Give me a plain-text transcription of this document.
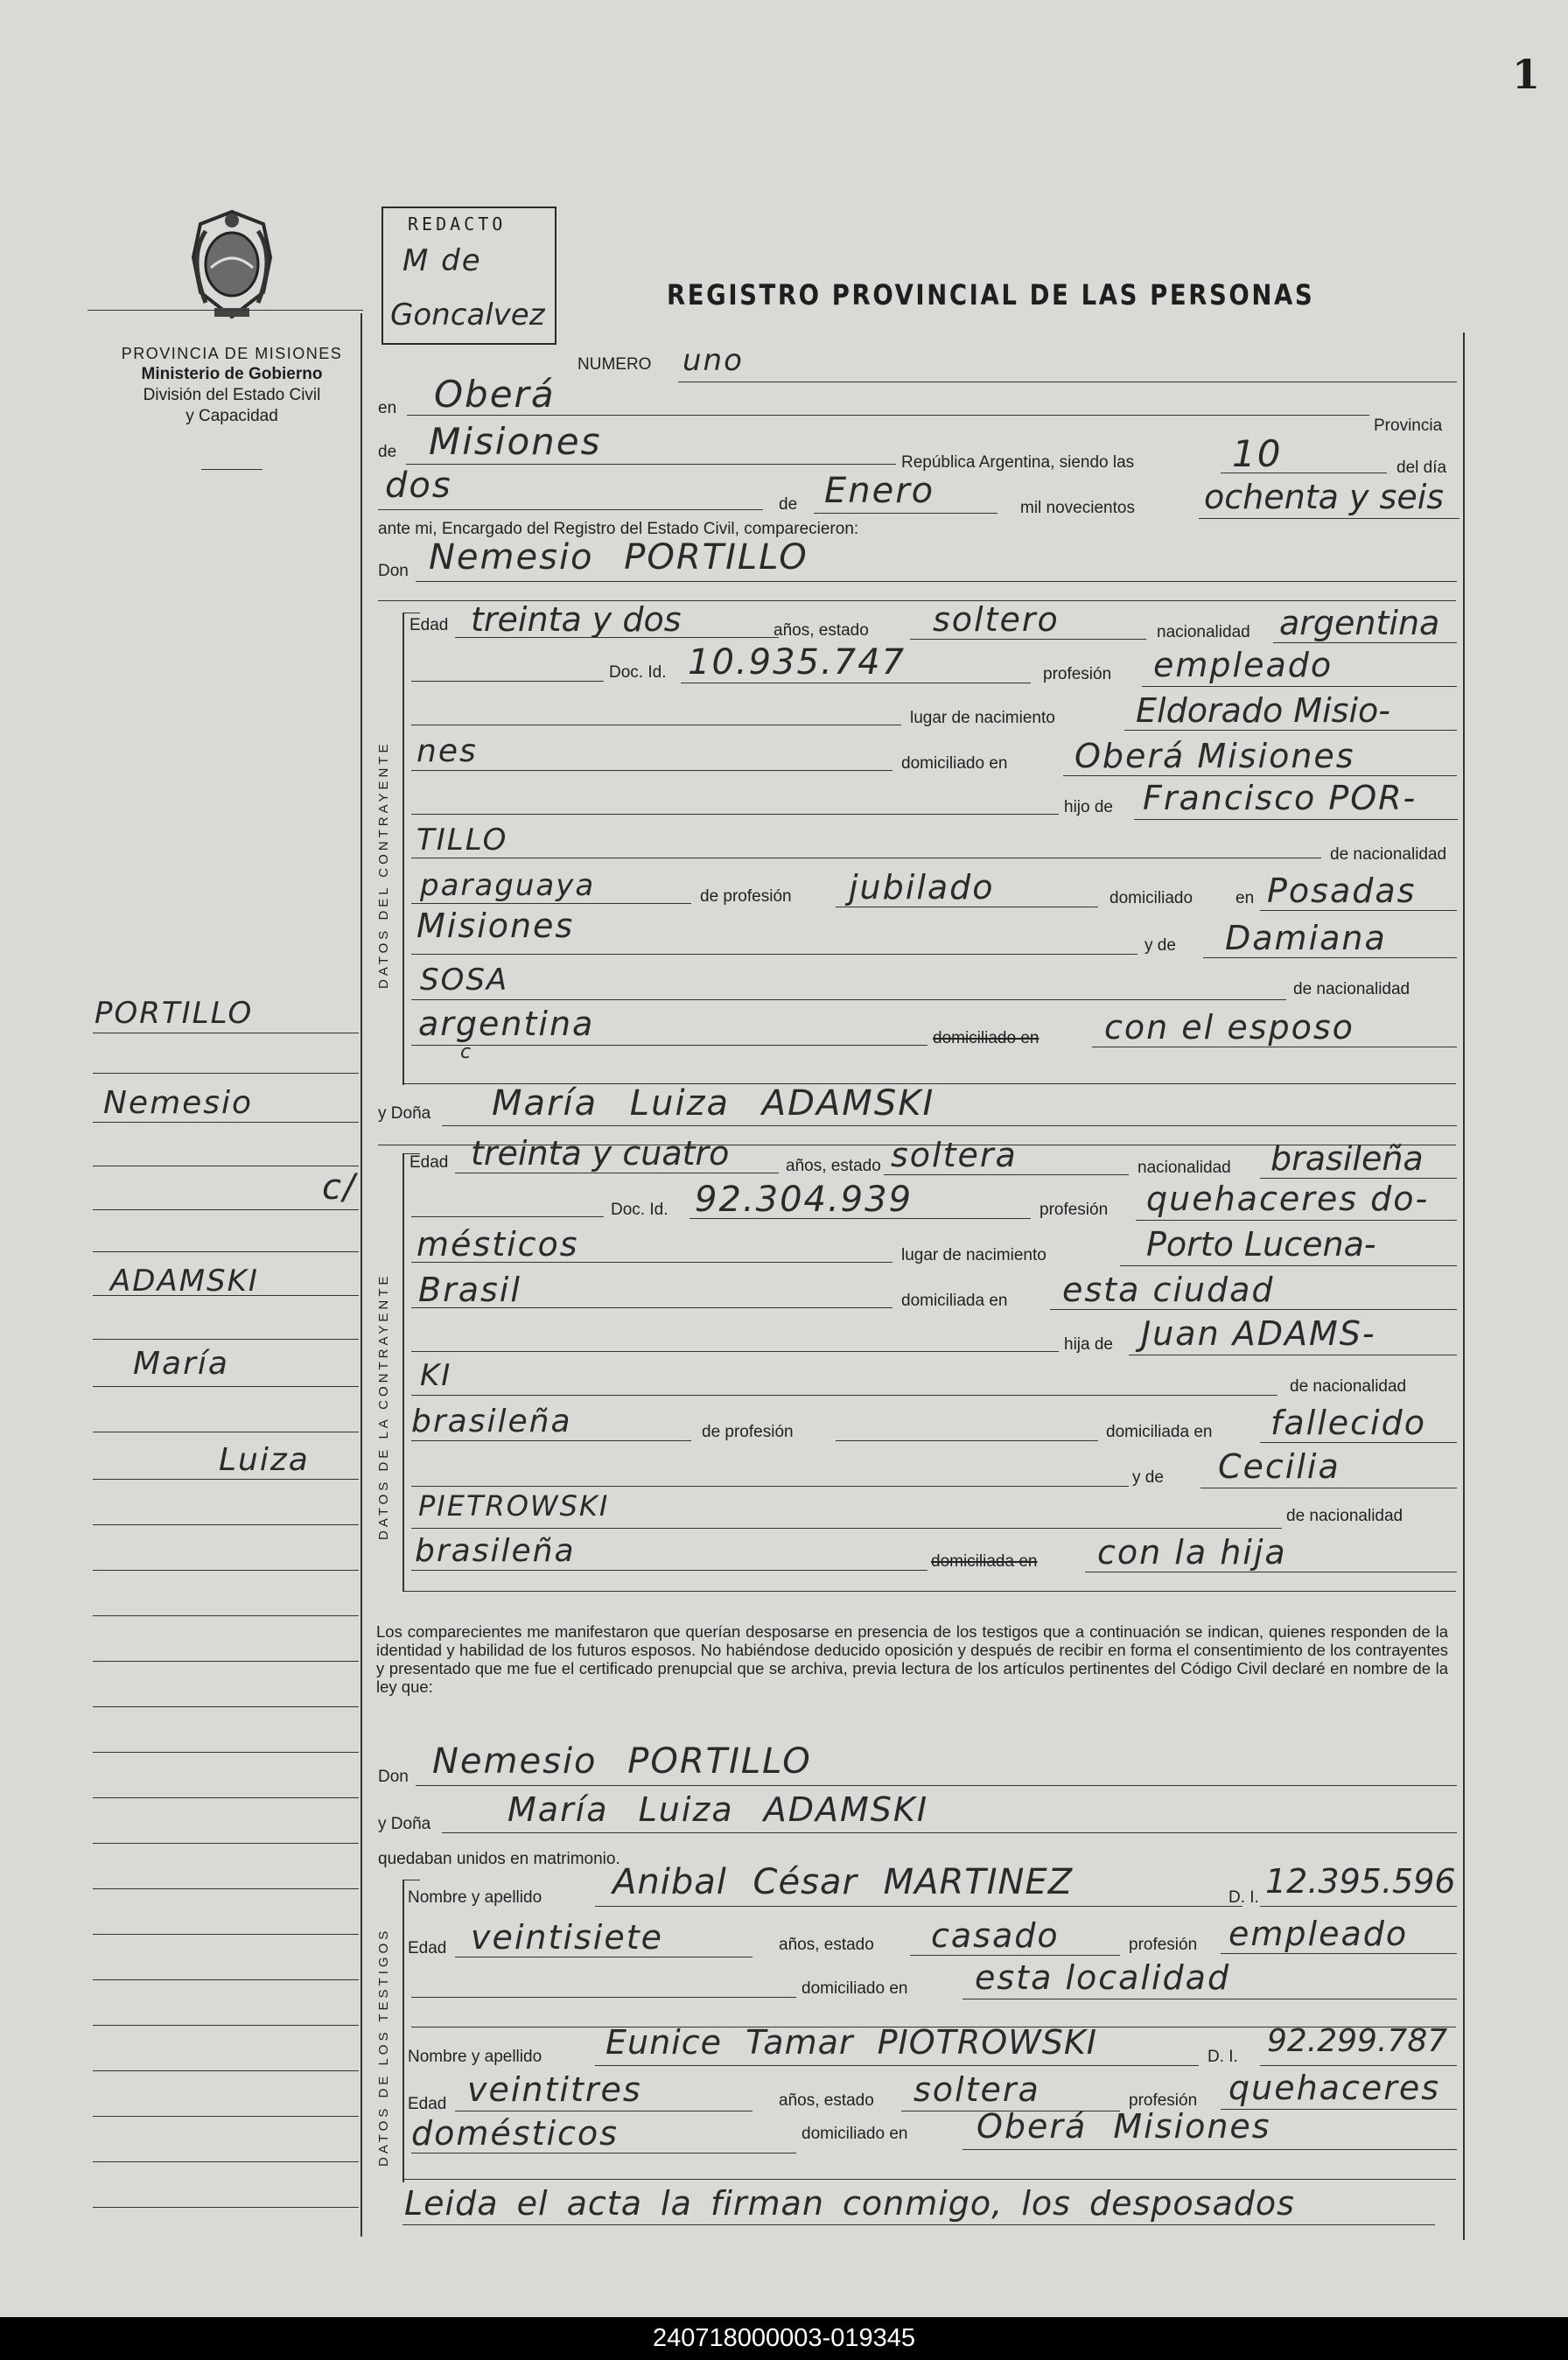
1
PROVINCIA DE MISIONES
Ministerio de Gobierno
División del Estado Civil
y Capacidad
REDACTO
M de
Goncalvez
REGISTRO PROVINCIAL DE LAS PERSONAS
DATOS DEL CONTRAYENTE
DATOS DE LA CONTRAYENTE
DATOS DE LOS TESTIGOS
PORTILLO
Nemesio
c/
ADAMSKI
María
Luiza
NUMERO uno
en Oberá
Provincia
de Misiones	República Argentina, siendo las	10	del día
dos	de Enero	mil novecientos ochenta y seis
ante mi, Encargado del Registro del Estado Civil, comparecieron:
Don Nemesio PORTILLO
Edad treinta y dos	años, estado soltero	nacionalidad argentina
Doc. Id. 10.935.747	profesión empleado
lugar de nacimiento Eldorado Misio-
nes	domiciliado en Oberá Misiones
hijo de Francisco POR-
TILLO	de nacionalidad
paraguaya	de profesión jubilado	domiciliado	en Posadas
Misiones
y de Damiana
SOSA	de nacionalidad
argentina
c
domiciliado en con el esposo
y Doña María Luiza ADAMSKI
Edad treinta y cuatro	años, estado soltera	nacionalidad brasileña
Doc. Id. 92.304.939	profesión quehaceres do-
mésticos	lugar de nacimiento	Porto Lucena-
Brasil	domiciliada en esta ciudad
hija de Juan ADAMS-
KI	de nacionalidad
brasileña	de profesión	domiciliada en fallecido
y de Cecilia
PIETROWSKI	de nacionalidad
brasileña	domiciliada en con la hija
Los comparecientes me manifestaron que querían desposarse en presencia de los testigos que a continuación se indican, quienes responden de la identidad y habilidad de los futuros esposos. No habiéndose deducido oposición y después de recibir en forma el consentimiento de los contrayentes y presentado que me fue el certificado prenupcial que se archiva, previa lectura de los artículos pertinentes del Código Civil declaré en nombre de la ley que:
Don Nemesio PORTILLO
y Doña María Luiza ADAMSKI
quedaban unidos en matrimonio.
Nombre y apellido Anibal César MARTINEZ	D. I. 12.395.596
Edad veintisiete	años, estado casado	profesión empleado
domiciliado en esta localidad
Nombre y apellido Eunice Tamar PIOTROWSKI	D. I. 92.299.787
Edad veintitres	años, estado soltera	profesión quehaceres
domésticos	domiciliado en Oberá Misiones
Leida el acta la firman conmigo, los desposados
240718000003-019345
